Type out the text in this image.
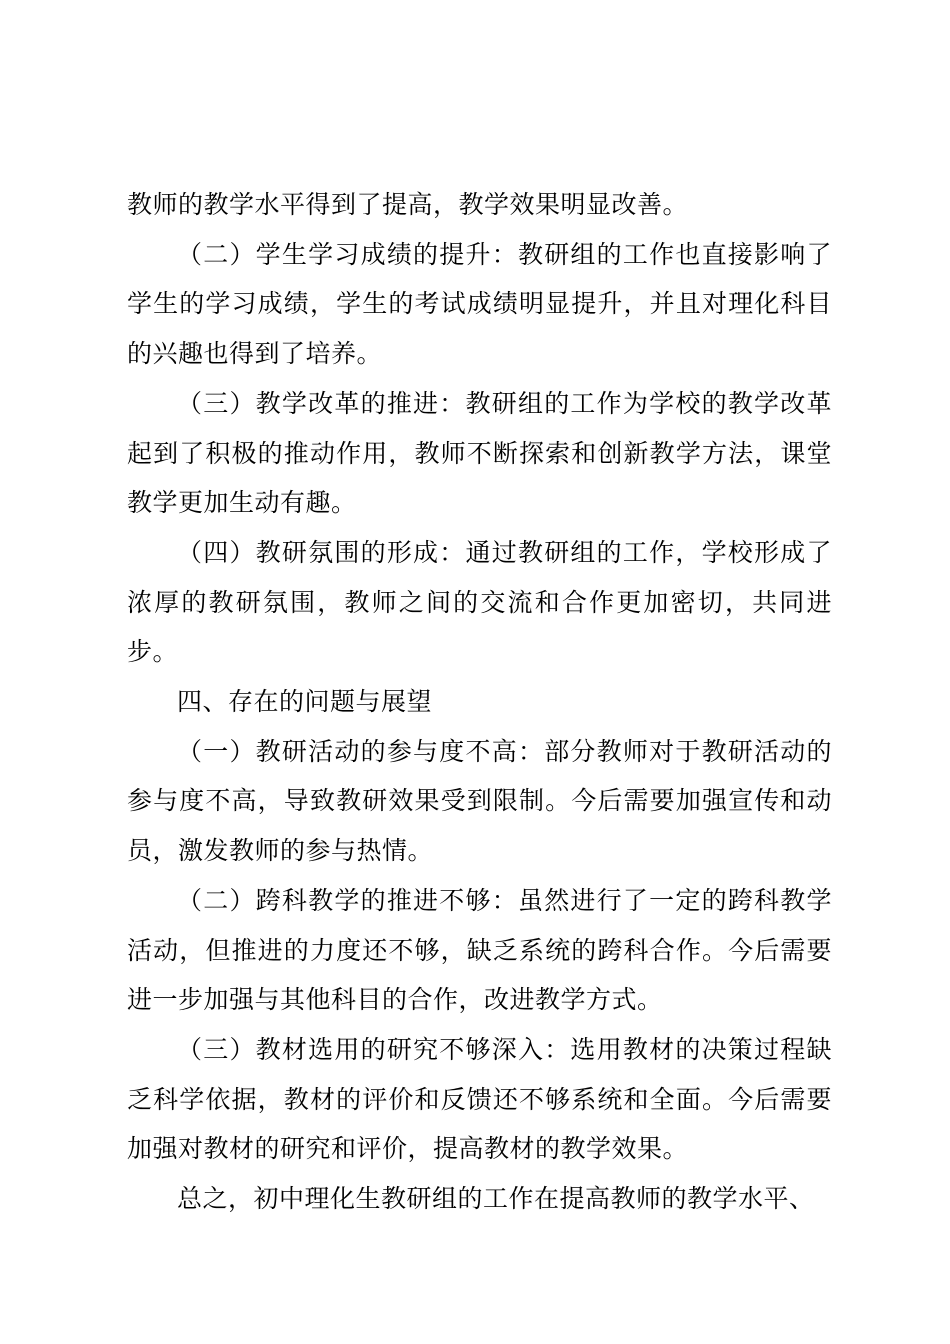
教师的教学水平得到了提高，教学效果明显改善。

（二）学生学习成绩的提升：教研组的工作也直接影响了学生的学习成绩，学生的考试成绩明显提升，并且对理化科目的兴趣也得到了培养。

（三）教学改革的推进：教研组的工作为学校的教学改革起到了积极的推动作用，教师不断探索和创新教学方法，课堂教学更加生动有趣。

（四）教研氛围的形成：通过教研组的工作，学校形成了浓厚的教研氛围，教师之间的交流和合作更加密切，共同进步。

四、存在的问题与展望

（一）教研活动的参与度不高：部分教师对于教研活动的参与度不高，导致教研效果受到限制。今后需要加强宣传和动员，激发教师的参与热情。

（二）跨科教学的推进不够：虽然进行了一定的跨科教学活动，但推进的力度还不够，缺乏系统的跨科合作。今后需要进一步加强与其他科目的合作，改进教学方式。

（三）教材选用的研究不够深入：选用教材的决策过程缺乏科学依据，教材的评价和反馈还不够系统和全面。今后需要加强对教材的研究和评价，提高教材的教学效果。

总之，初中理化生教研组的工作在提高教师的教学水平、
